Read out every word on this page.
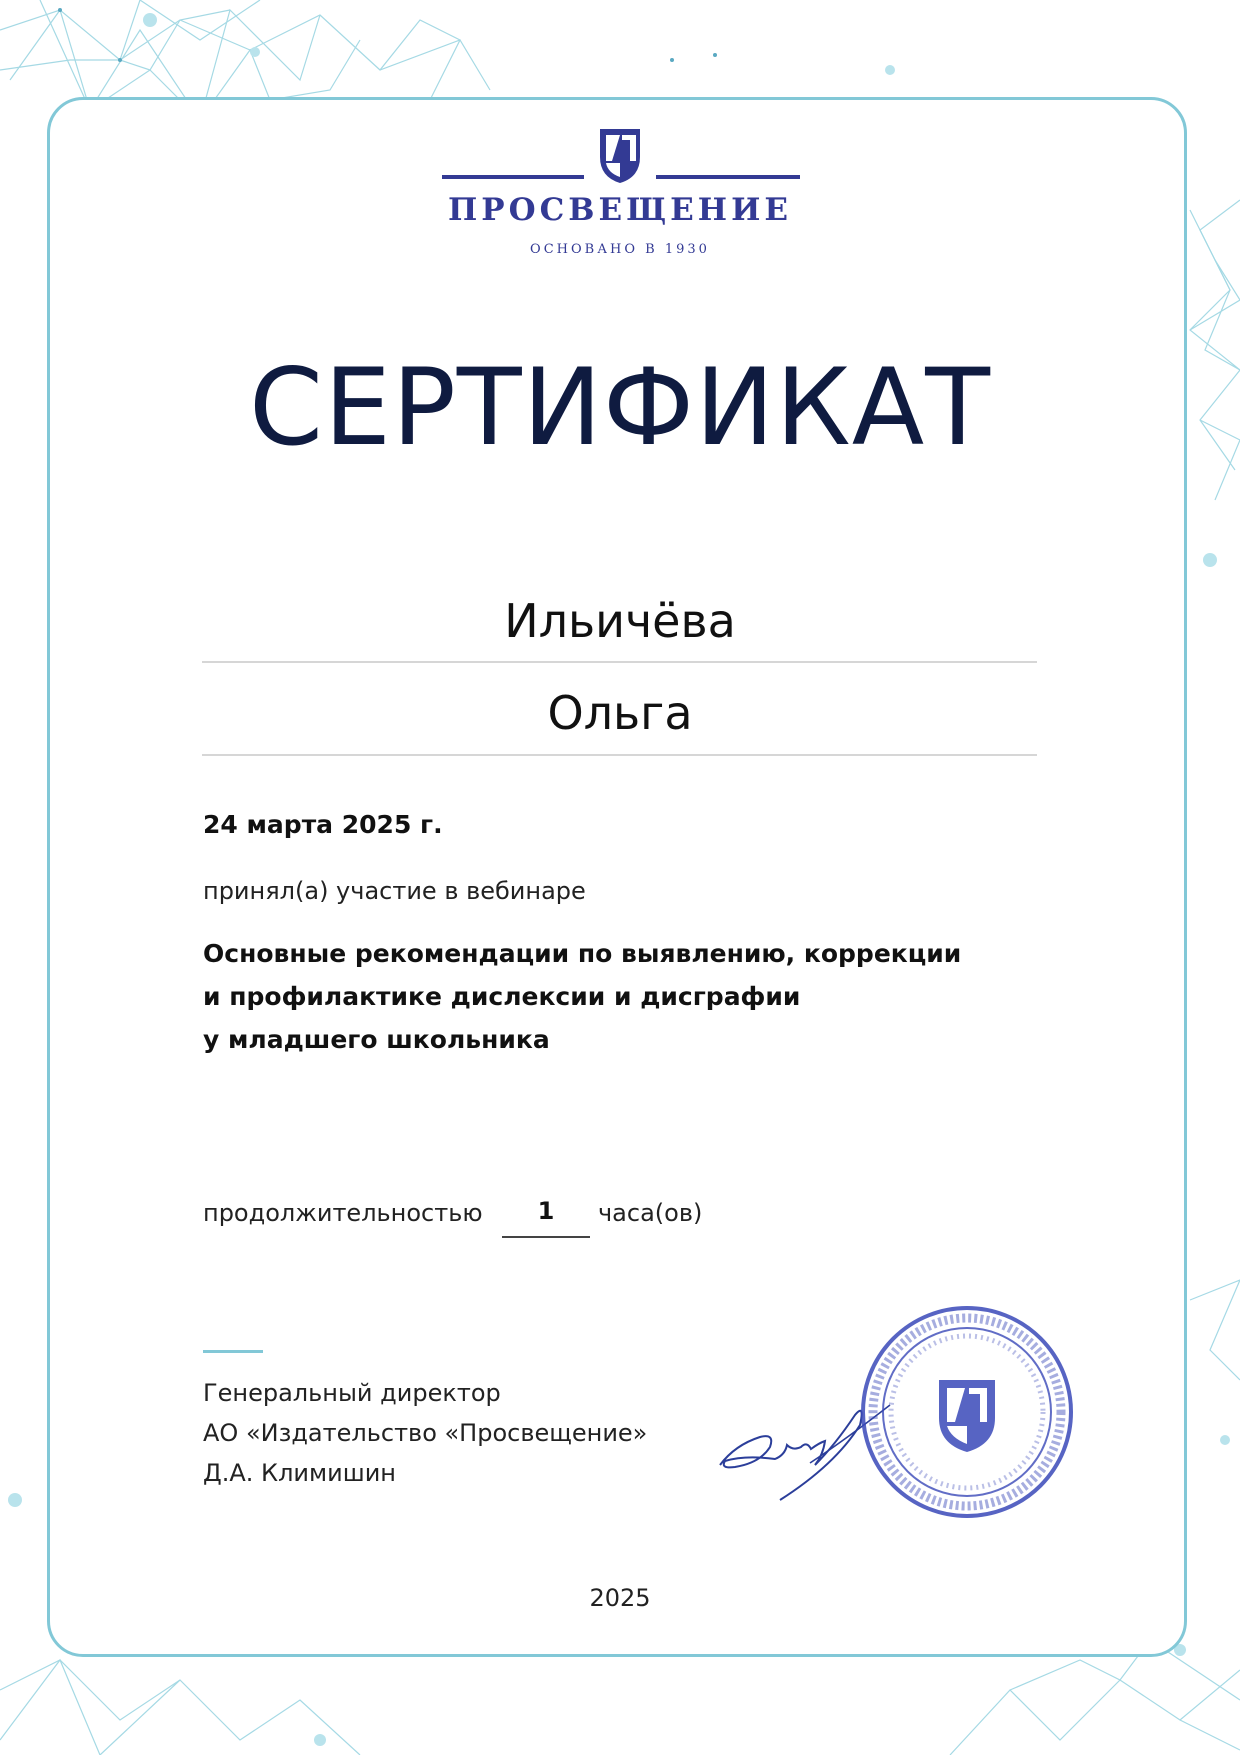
ПРОСВЕЩЕНИЕ
ОСНОВАНО В 1930
СЕРТИФИКАТ
Ильичёва
Ольга
24 марта 2025 г.
принял(а) участие в вебинаре
Основные рекомендации по выявлению, коррекции
и профилактике дислексии и дисграфии
у младшего школьника
продолжительностью	1	часа(ов)
Генеральный директор
АО «Издательство «Просвещение»
Д.А. Климишин
2025
